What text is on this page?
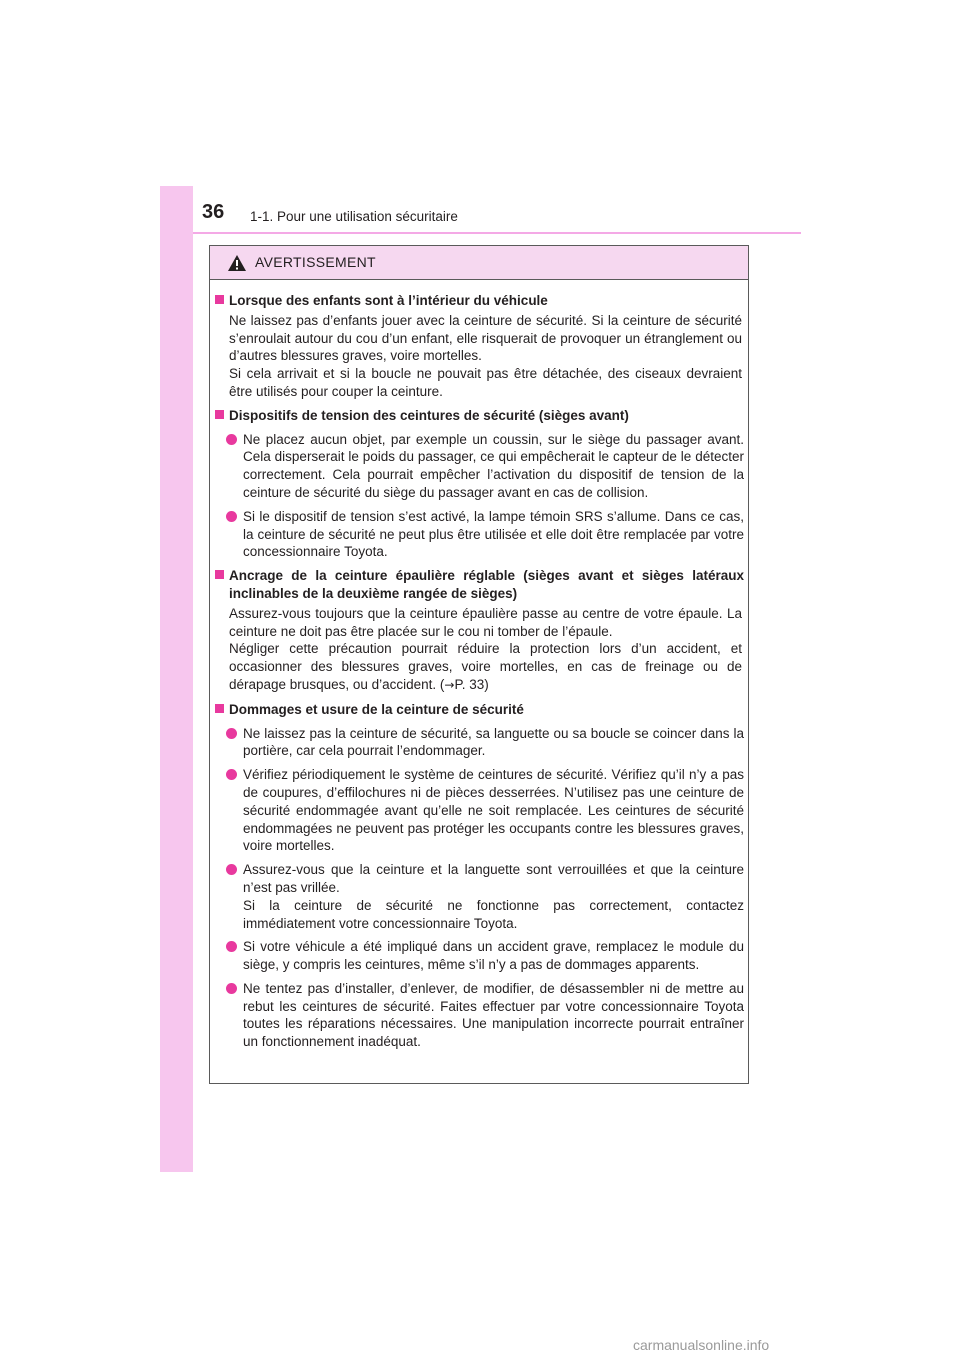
36 1-1. Pour une utilisation sécuritaire
AVERTISSEMENT
Lorsque des enfants sont à l’intérieur du véhicule
Ne laissez pas d’enfants jouer avec la ceinture de sécurité. Si la ceinture de sécurité s’enroulait autour du cou d’un enfant, elle risquerait de provoquer un étranglement ou d’autres blessures graves, voire mortelles.
Si cela arrivait et si la boucle ne pouvait pas être détachée, des ciseaux devraient être utilisés pour couper la ceinture.
Dispositifs de tension des ceintures de sécurité (sièges avant)
Ne placez aucun objet, par exemple un coussin, sur le siège du passager avant. Cela disperserait le poids du passager, ce qui empêcherait le capteur de le détecter correctement. Cela pourrait empêcher l’activation du dispositif de tension de la ceinture de sécurité du siège du passager avant en cas de collision.
Si le dispositif de tension s’est activé, la lampe témoin SRS s’allume. Dans ce cas, la ceinture de sécurité ne peut plus être utilisée et elle doit être remplacée par votre concessionnaire Toyota.
Ancrage de la ceinture épaulière réglable (sièges avant et sièges latéraux inclinables de la deuxième rangée de sièges)
Assurez-vous toujours que la ceinture épaulière passe au centre de votre épaule. La ceinture ne doit pas être placée sur le cou ni tomber de l’épaule.
Négliger cette précaution pourrait réduire la protection lors d’un accident, et occasionner des blessures graves, voire mortelles, en cas de freinage ou de dérapage brusques, ou d’accident. (→P. 33)
Dommages et usure de la ceinture de sécurité
Ne laissez pas la ceinture de sécurité, sa languette ou sa boucle se coincer dans la portière, car cela pourrait l’endommager.
Vérifiez périodiquement le système de ceintures de sécurité. Vérifiez qu’il n’y a pas de coupures, d’effilochures ni de pièces desserrées. N’utilisez pas une ceinture de sécurité endommagée avant qu’elle ne soit remplacée. Les ceintures de sécurité endommagées ne peuvent pas protéger les occupants contre les blessures graves, voire mortelles.
Assurez-vous que la ceinture et la languette sont verrouillées et que la ceinture n’est pas vrillée.
Si la ceinture de sécurité ne fonctionne pas correctement, contactez immédiatement votre concessionnaire Toyota.
Si votre véhicule a été impliqué dans un accident grave, remplacez le module du siège, y compris les ceintures, même s’il n’y a pas de dommages apparents.
Ne tentez pas d’installer, d’enlever, de modifier, de désassembler ni de mettre au rebut les ceintures de sécurité. Faites effectuer par votre concessionnaire Toyota toutes les réparations nécessaires. Une manipulation incorrecte pourrait entraîner un fonctionnement inadéquat.
carmanualsonline.info
